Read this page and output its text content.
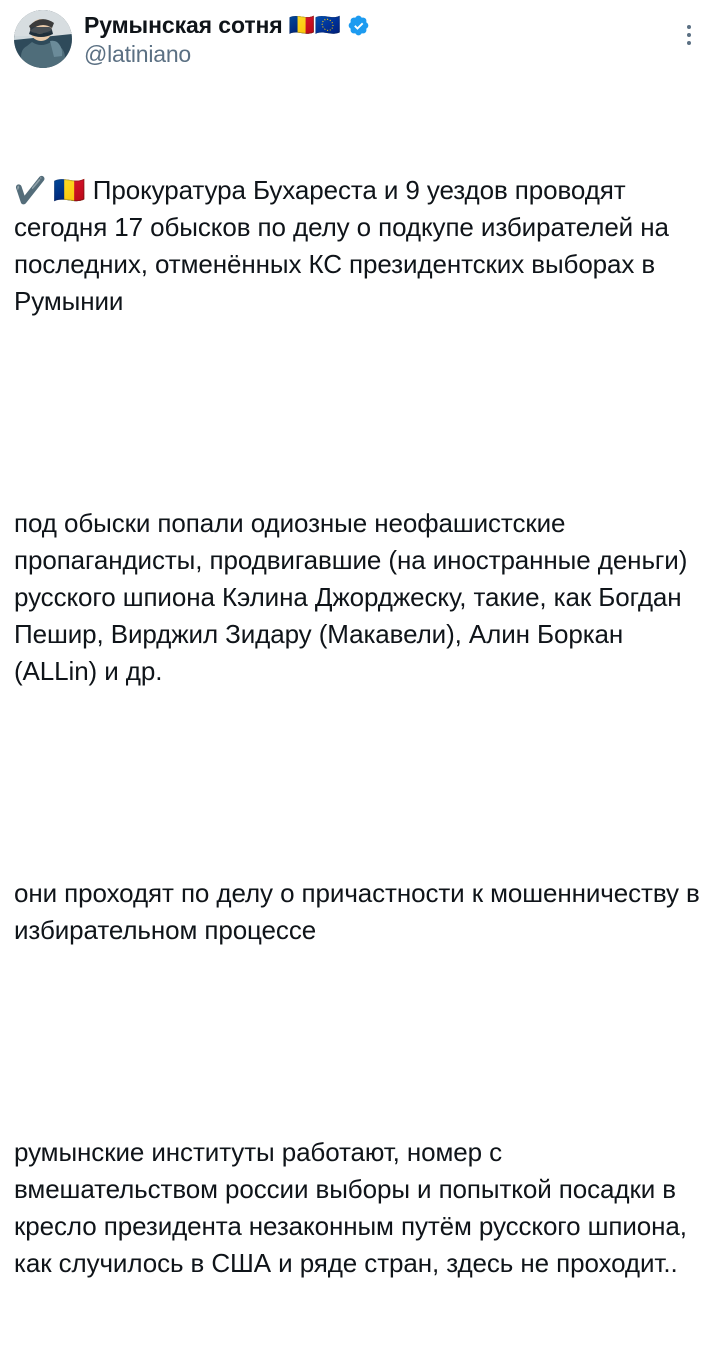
Румынская сотня 🇷🇴🇪🇺
@latiniano

✔️ 🇷🇴 Прокуратура Бухареста и 9 уездов проводят сегодня 17 обысков по делу о подкупе избирателей на последних, отменённых КС президентских выборах в Румынии

под обыски попали одиозные неофашистские пропагандисты, продвигавшие (на иностранные деньги) русского шпиона Кэлина Джорджеску, такие, как Богдан Пешир, Вирджил Зидару (Макавели), Алин Боркан (ALLin) и др.

они проходят по делу о причастности к мошенничеству в избирательном процессе

румынские институты работают, номер с вмешательством россии выборы и попыткой посадки в кресло президента незаконным путём русского шпиона, как случилось в США и ряде стран, здесь не проходит..
